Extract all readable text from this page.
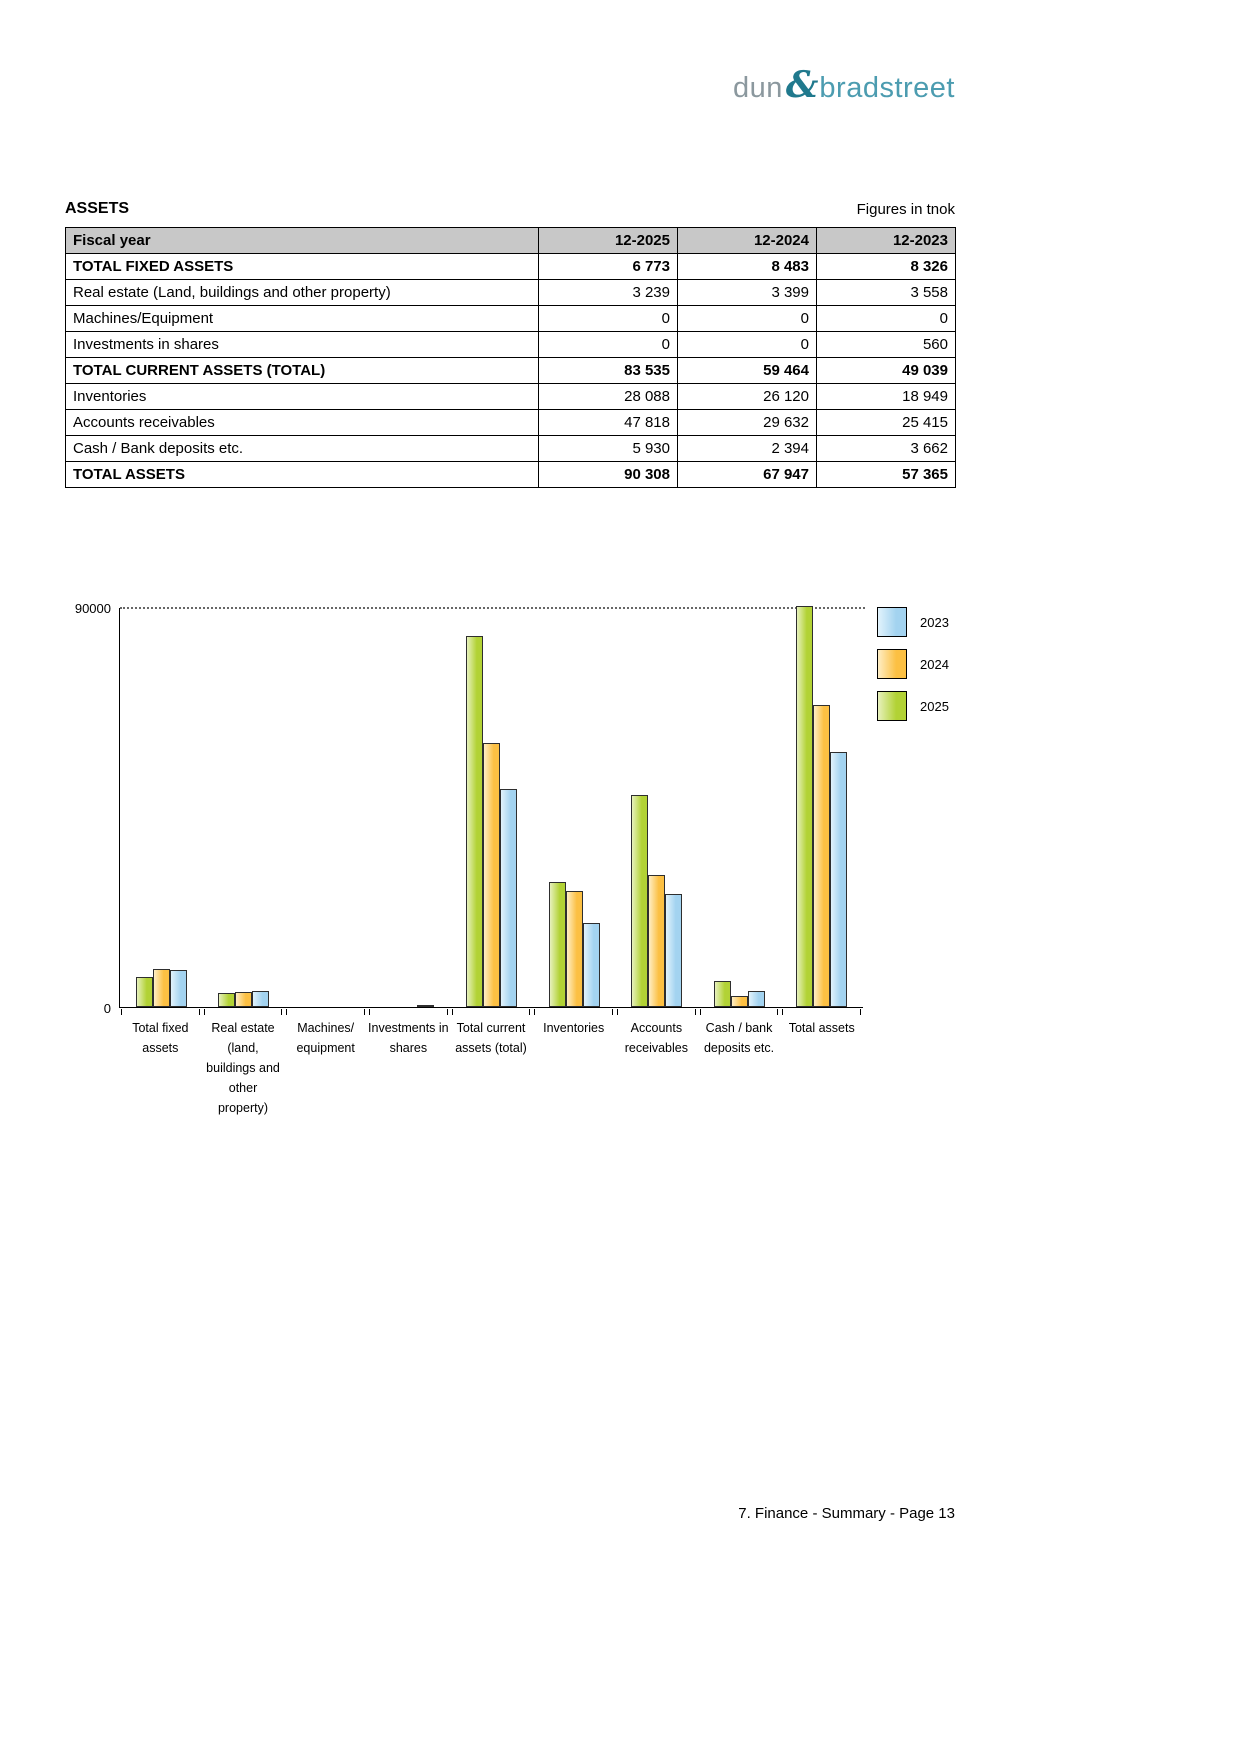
dun&bradstreet
ASSETS	Figures in tnok
Fiscal year	12-2025	12-2024	12-2023
TOTAL FIXED ASSETS	6 773	8 483	8 326
Real estate (Land, buildings and other property)	3 239	3 399	3 558
Machines/Equipment	0	0	0
Investments in shares	0	0	560
TOTAL CURRENT ASSETS (TOTAL)	83 535	59 464	49 039
Inventories	28 088	26 120	18 949
Accounts receivables	47 818	29 632	25 415
Cash / Bank deposits etc.	5 930	2 394	3 662
TOTAL ASSETS	90 308	67 947	57 365
90000
0
Total fixed
assets
Real estate
(land,
buildings and
other property)
Machines/
equipment
Investments in
shares
Total current
assets (total)
Inventories	Accounts
receivables
Cash / bank
deposits etc.
Total assets
2023
2024
2025
7. Finance - Summary - Page 13
